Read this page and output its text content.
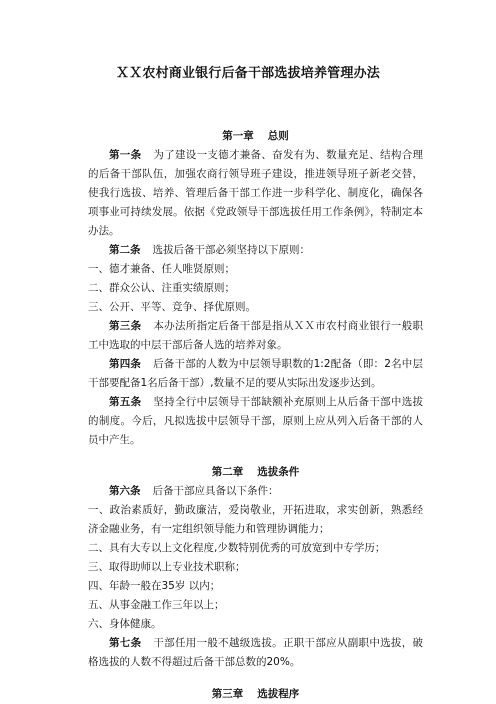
ＸＸ农村商业银行后备干部选拔培养管理办法
第一章 总则

第一条 为了建设一支德才兼备、奋发有为、数量充足、结构合理的后备干部队伍，加强农商行领导班子建设，推进领导班子新老交替，使我行选拔、培养、管理后备干部工作进一步科学化、制度化，确保各项事业可持续发展。依据《党政领导干部选拔任用工作条例》，特制定本办法。

第二条 选拔后备干部必须坚持以下原则：

一、德才兼备、任人唯贤原则；

二、群众公认、注重实绩原则；

三、公开、平等、竞争、择优原则。

第三条 本办法所指定后备干部是指从ＸＸ市农村商业银行一般职工中选取的中层干部后备人选的培养对象。

第四条 后备干部的人数为中层领导职数的1:2配备（即：2名中层干部要配备1名后备干部）,数量不足的要从实际出发逐步达到。

第五条 坚持全行中层领导干部缺额补充原则上从后备干部中选拔的制度。今后，凡拟选拔中层领导干部，原则上应从列入后备干部的人员中产生。

第二章 选拔条件

第六条 后备干部应具备以下条件：

一、政治素质好，勤政廉洁，爱岗敬业，开拓进取，求实创新，熟悉经济金融业务，有一定组织领导能力和管理协调能力；

二、具有大专以上文化程度,少数特别优秀的可放宽到中专学历；

三、取得助师以上专业技术职称；

四、年龄一般在35岁 以内；

五、从事金融工作三年以上；

六、身体健康。

第七条 干部任用一般不越级选拔。正职干部应从副职中选拔，破格选拔的人数不得超过后备干部总数的20%。

第三章 选拔程序
